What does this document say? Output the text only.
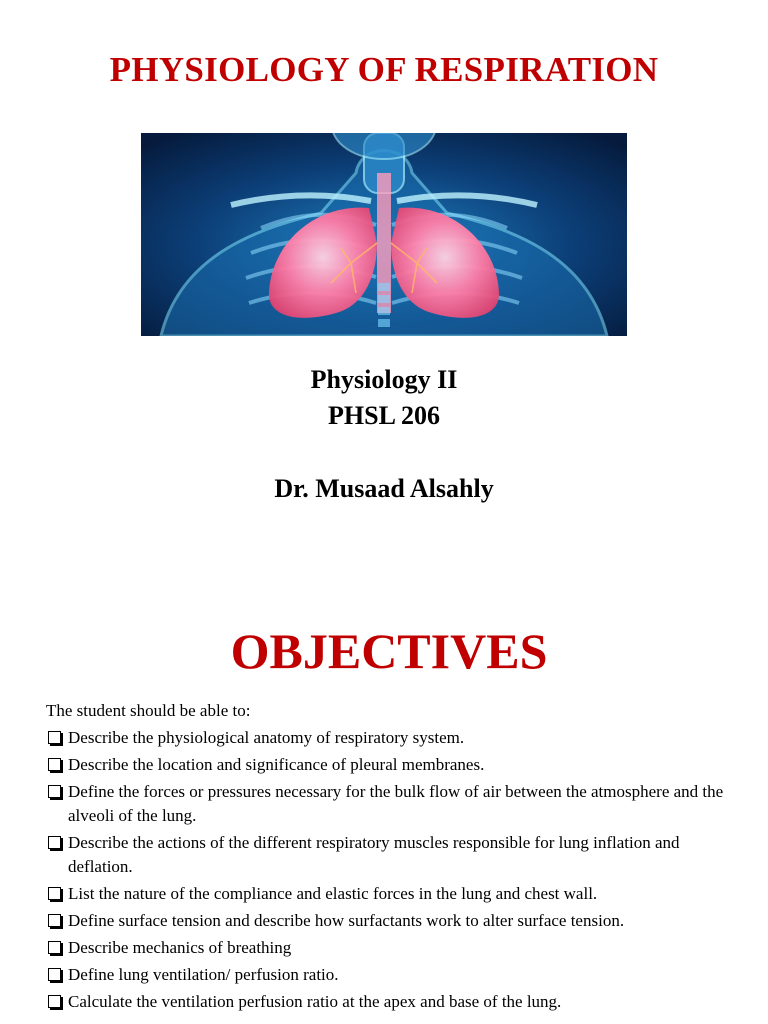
PHYSIOLOGY OF RESPIRATION
Physiology II
PHSL 206
Dr. Musaad Alsahly
OBJECTIVES
The student should be able to:
Describe the physiological anatomy of respiratory system.
Describe the location and significance of pleural membranes.
Define the forces or pressures necessary for the bulk flow of air between the atmosphere and the alveoli of the lung.
Describe the actions of the different respiratory muscles responsible for lung inflation and deflation.
List the nature of the compliance and elastic forces in the lung and chest wall.
Define surface tension and describe how surfactants work to alter surface tension.
Describe mechanics of breathing
Define lung ventilation/ perfusion ratio.
Calculate the ventilation perfusion ratio at the apex and base of the lung.
